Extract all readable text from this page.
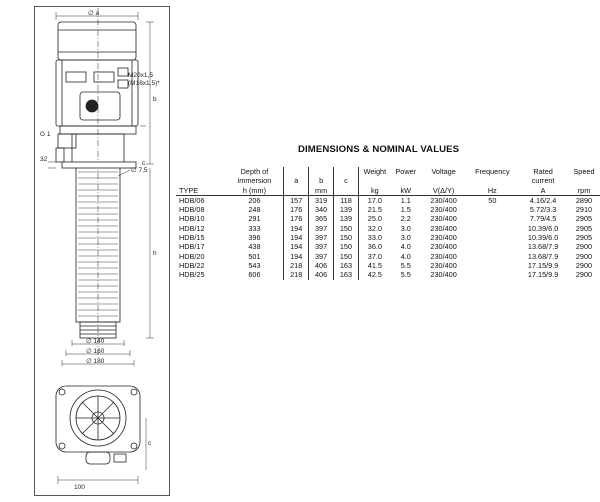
∅ a
M20x1,5
(M16x1,5)*
b
G 1
32
c
∅ 7,5
h
∅ 140
∅ 160
∅ 180
c
100
DIMENSIONS & NOMINAL VALUES
	Depth of				Weight	Power	Voltage	Frequency	Rated	Speed
	immersion	a	b	c					current	
TYPE	h (mm)		mm		kg	kW	V(Δ/Y)	Hz	A	rpm
HDB/06	206	157	319	118	17.0	1.1	230/400	50	4.16/2.4	2890
HDB/08	248	176	340	139	21.5	1.5	230/400		5.72/3.3	2910
HDB/10	291	176	365	139	25.0	2.2	230/400		7.79/4.5	2905
HDB/12	333	194	397	150	32.0	3.0	230/400		10.39/6.0	2905
HDB/15	396	194	397	150	33.0	3.0	230/400		10.39/6.0	2905
HDB/17	438	194	397	150	36.0	4.0	230/400		13.68/7.9	2900
HDB/20	501	194	397	150	37.0	4.0	230/400		13.68/7.9	2900
HDB/22	543	218	406	163	41.5	5.5	230/400		17.15/9.9	2900
HDB/25	606	218	406	163	42.5	5.5	230/400		17.15/9.9	2900
